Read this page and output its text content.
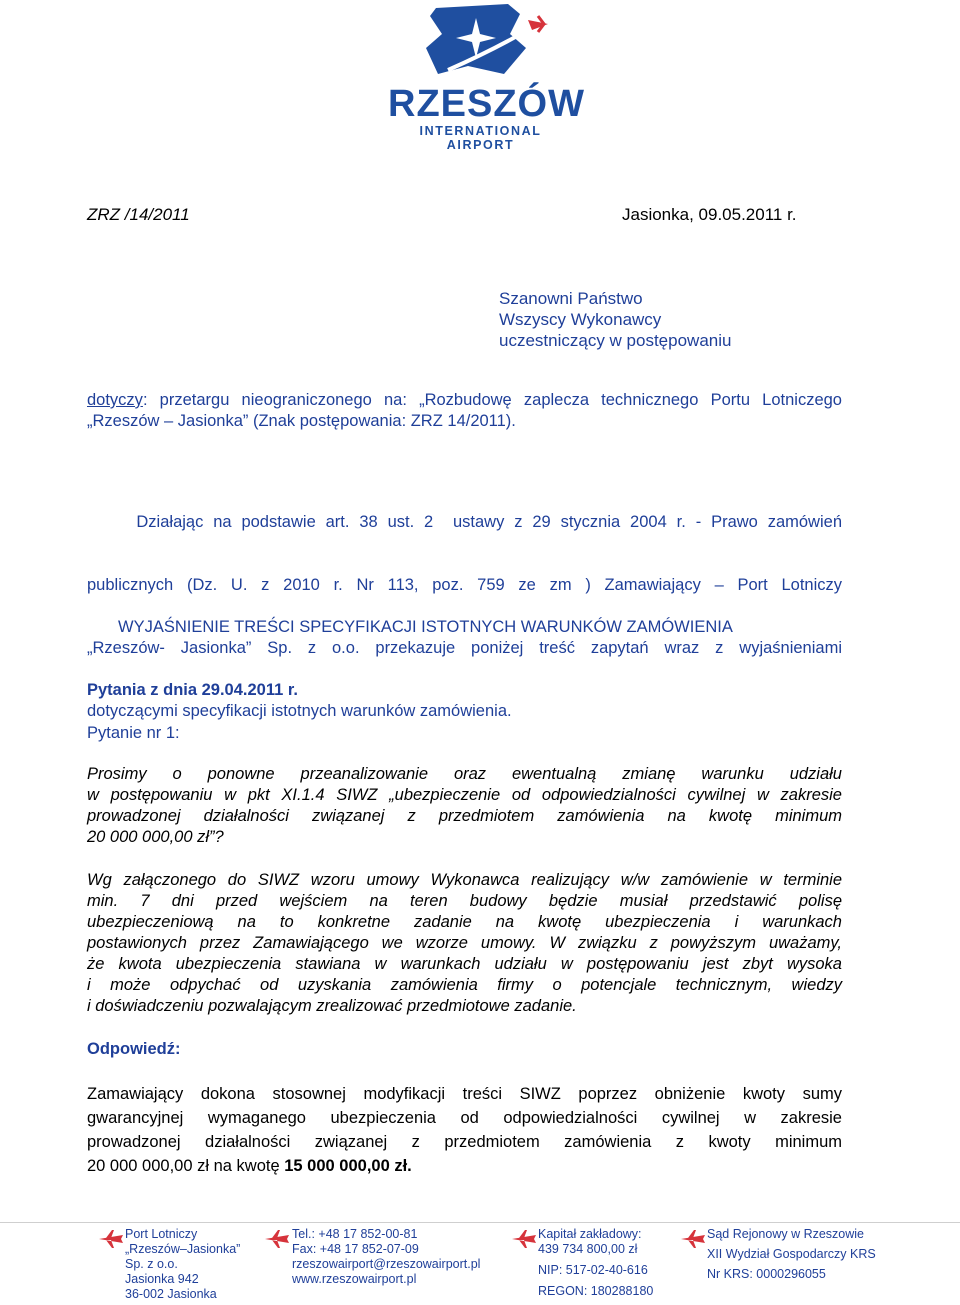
RZESZÓW
INTERNATIONAL AIRPORT
ZRZ /14/2011	Jasionka, 09.05.2011 r.
Szanowni Państwo
Wszyscy Wykonawcy
uczestniczący w postępowaniu
dotyczy: przetargu nieograniczonego na: „Rozbudowę zaplecza technicznego Portu Lotniczego
„Rzeszów – Jasionka” (Znak postępowania: ZRZ 14/2011).

Działając na podstawie art. 38 ust. 2  ustawy z 29 stycznia 2004 r. - Prawo zamówień

publicznych (Dz. U. z 2010 r. Nr 113, poz. 759 ze zm ) Zamawiający – Port Lotniczy

„Rzeszów- Jasionka” Sp. z o.o. przekazuje poniżej treść zapytań wraz z wyjaśnieniami

dotyczącymi specyfikacji istotnych warunków zamówienia.

WYJAŚNIENIE TREŚCI SPECYFIKACJI ISTOTNYCH WARUNKÓW ZAMÓWIENIA
Pytania z dnia 29.04.2011 r.
Pytanie nr 1:
Prosimy o ponowne przeanalizowanie oraz ewentualną zmianę warunku udziału
w postępowaniu w pkt XI.1.4 SIWZ „ubezpieczenie od odpowiedzialności cywilnej w zakresie
prowadzonej działalności związanej z przedmiotem zamówienia na kwotę minimum
20 000 000,00 zł”?
Wg załączonego do SIWZ wzoru umowy Wykonawca realizujący w/w zamówienie w terminie
min. 7 dni przed wejściem na teren budowy będzie musiał przedstawić polisę
ubezpieczeniową na to konkretne zadanie na kwotę ubezpieczenia i warunkach
postawionych przez Zamawiającego we wzorze umowy. W związku z powyższym uważamy,
że kwota ubezpieczenia stawiana w warunkach udziału w postępowaniu jest zbyt wysoka
i może odpychać od uzyskania zamówienia firmy o potencjale technicznym, wiedzy
i doświadczeniu pozwalającym zrealizować przedmiotowe zadanie.
Odpowiedź:
Zamawiający dokona stosownej modyfikacji treści SIWZ poprzez obniżenie kwoty sumy
gwarancyjnej wymaganego ubezpieczenia od odpowiedzialności cywilnej w zakresie
prowadzonej działalności związanej z przedmiotem zamówienia z kwoty minimum
20 000 000,00 zł na kwotę 15 000 000,00 zł.
Port Lotniczy
„Rzeszów–Jasionka”
Sp. z o.o.
Jasionka 942
36-002 Jasionka
Tel.: +48 17 852-00-81
Fax: +48 17 852-07-09
rzeszowairport@rzeszowairport.pl
www.rzeszowairport.pl
Kapitał zakładowy:
439 734 800,00 zł
NIP: 517-02-40-616
REGON: 180288180
Sąd Rejonowy w Rzeszowie
XII Wydział Gospodarczy KRS
Nr KRS: 0000296055
